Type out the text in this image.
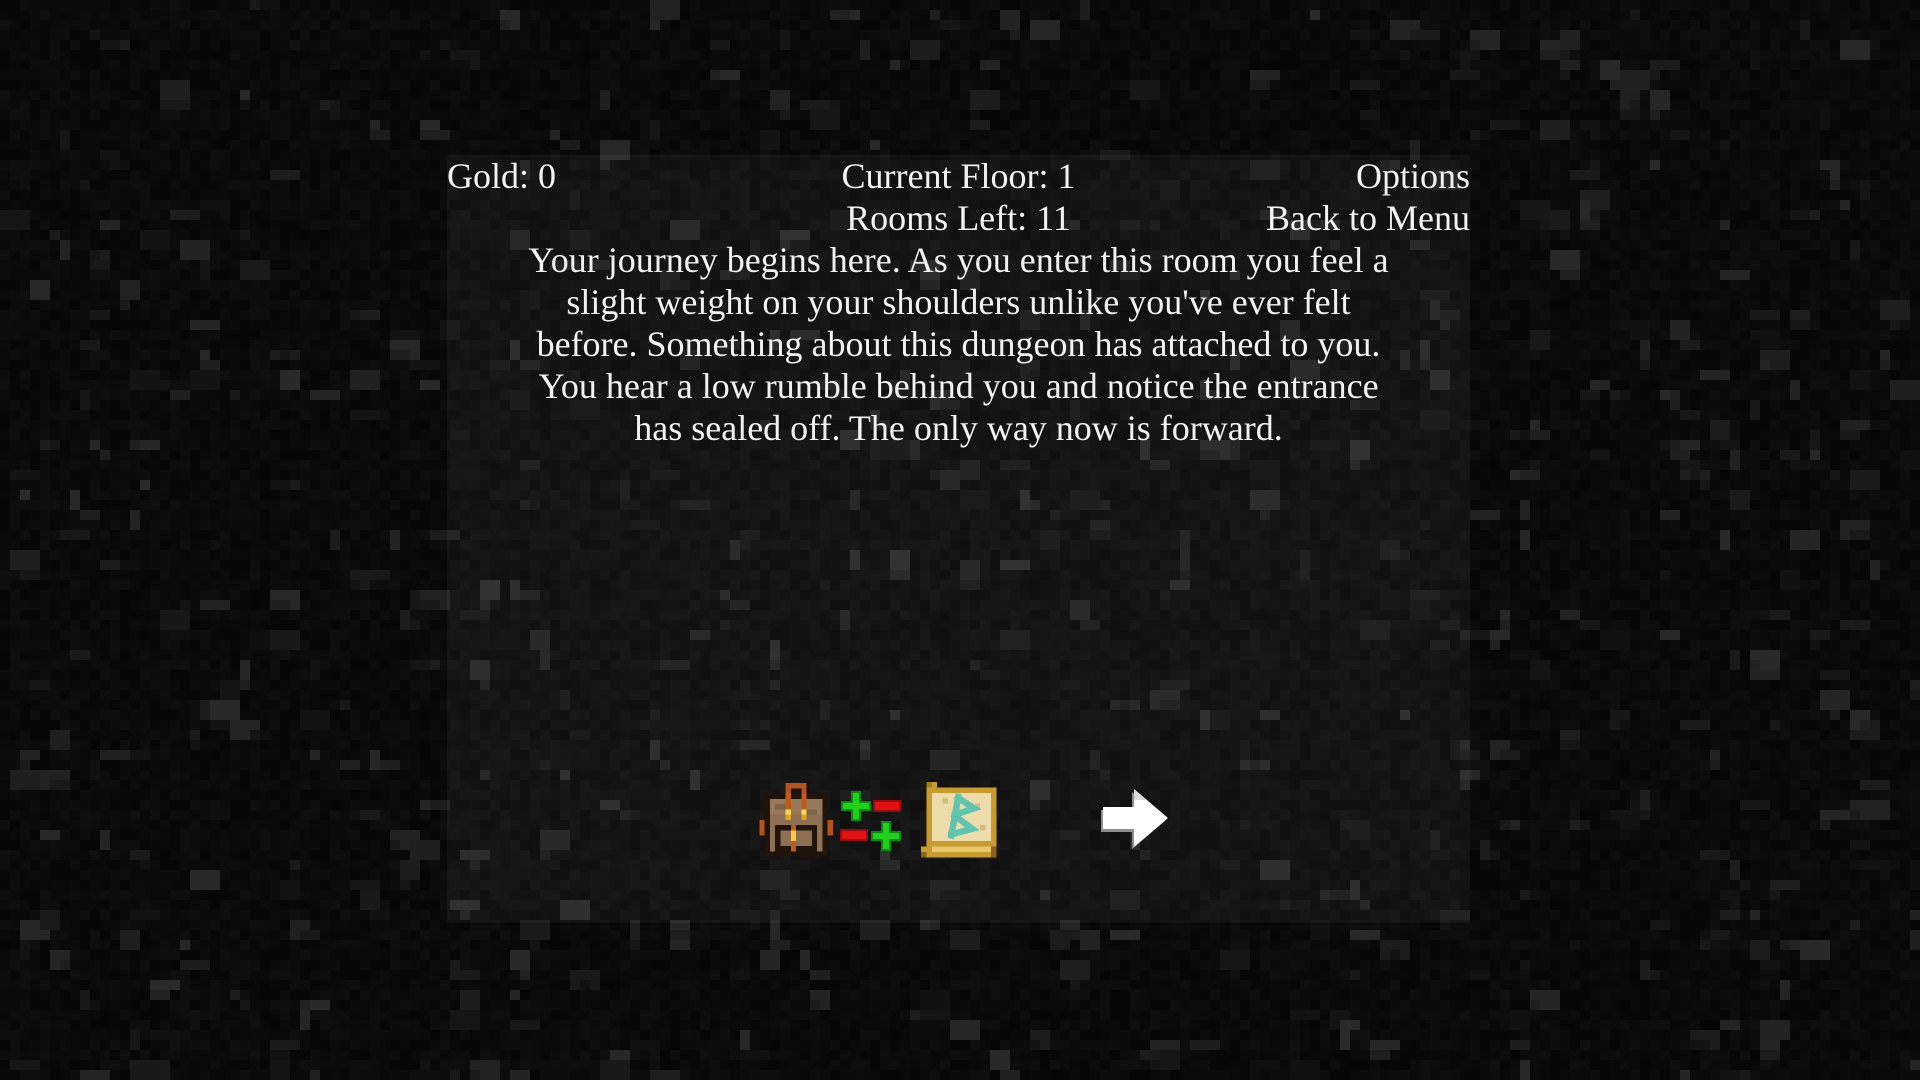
Gold: 0	Current Floor: 1	Options
Rooms Left: 11	Back to Menu
Your journey begins here. As you enter this room you feel a
slight weight on your shoulders unlike you've ever felt
before. Something about this dungeon has attached to you.
You hear a low rumble behind you and notice the entrance
has sealed off. The only way now is forward.
